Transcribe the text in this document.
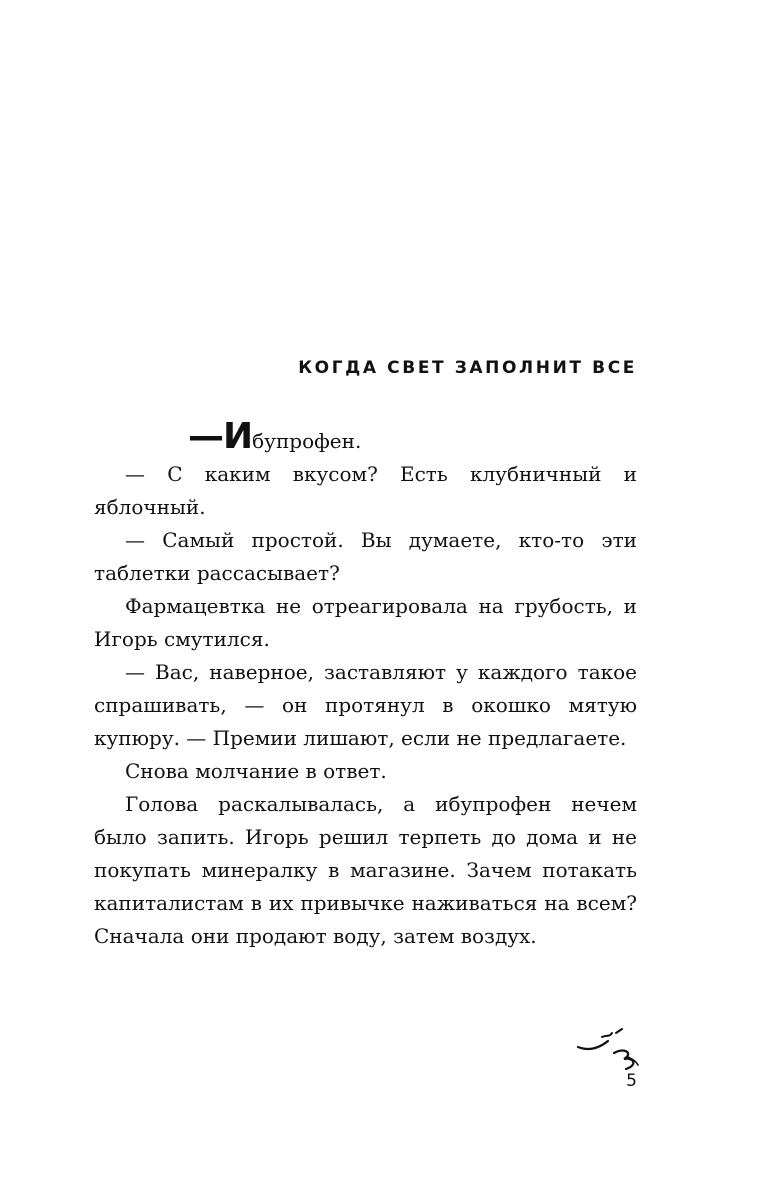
КОГДА СВЕТ ЗАПОЛНИТ ВСЕ

—Ибупрофен.

— С каким вкусом? Есть клубничный и яблочный.

— Самый простой. Вы думаете, кто-то эти таблетки рассасывает?

Фармацевтка не отреагировала на грубость, и Игорь смутился.

— Вас, наверное, заставляют у каждого такое спрашивать, — он протянул в окошко мятую купюру. — Премии лишают, если не предлагаете.

Снова молчание в ответ.

Голова раскалывалась, а ибупрофен нечем было запить. Игорь решил терпеть до дома и не покупать минералку в магазине. Зачем потакать капиталистам в их привычке наживаться на всем? Сначала они продают воду, затем воздух.

5
